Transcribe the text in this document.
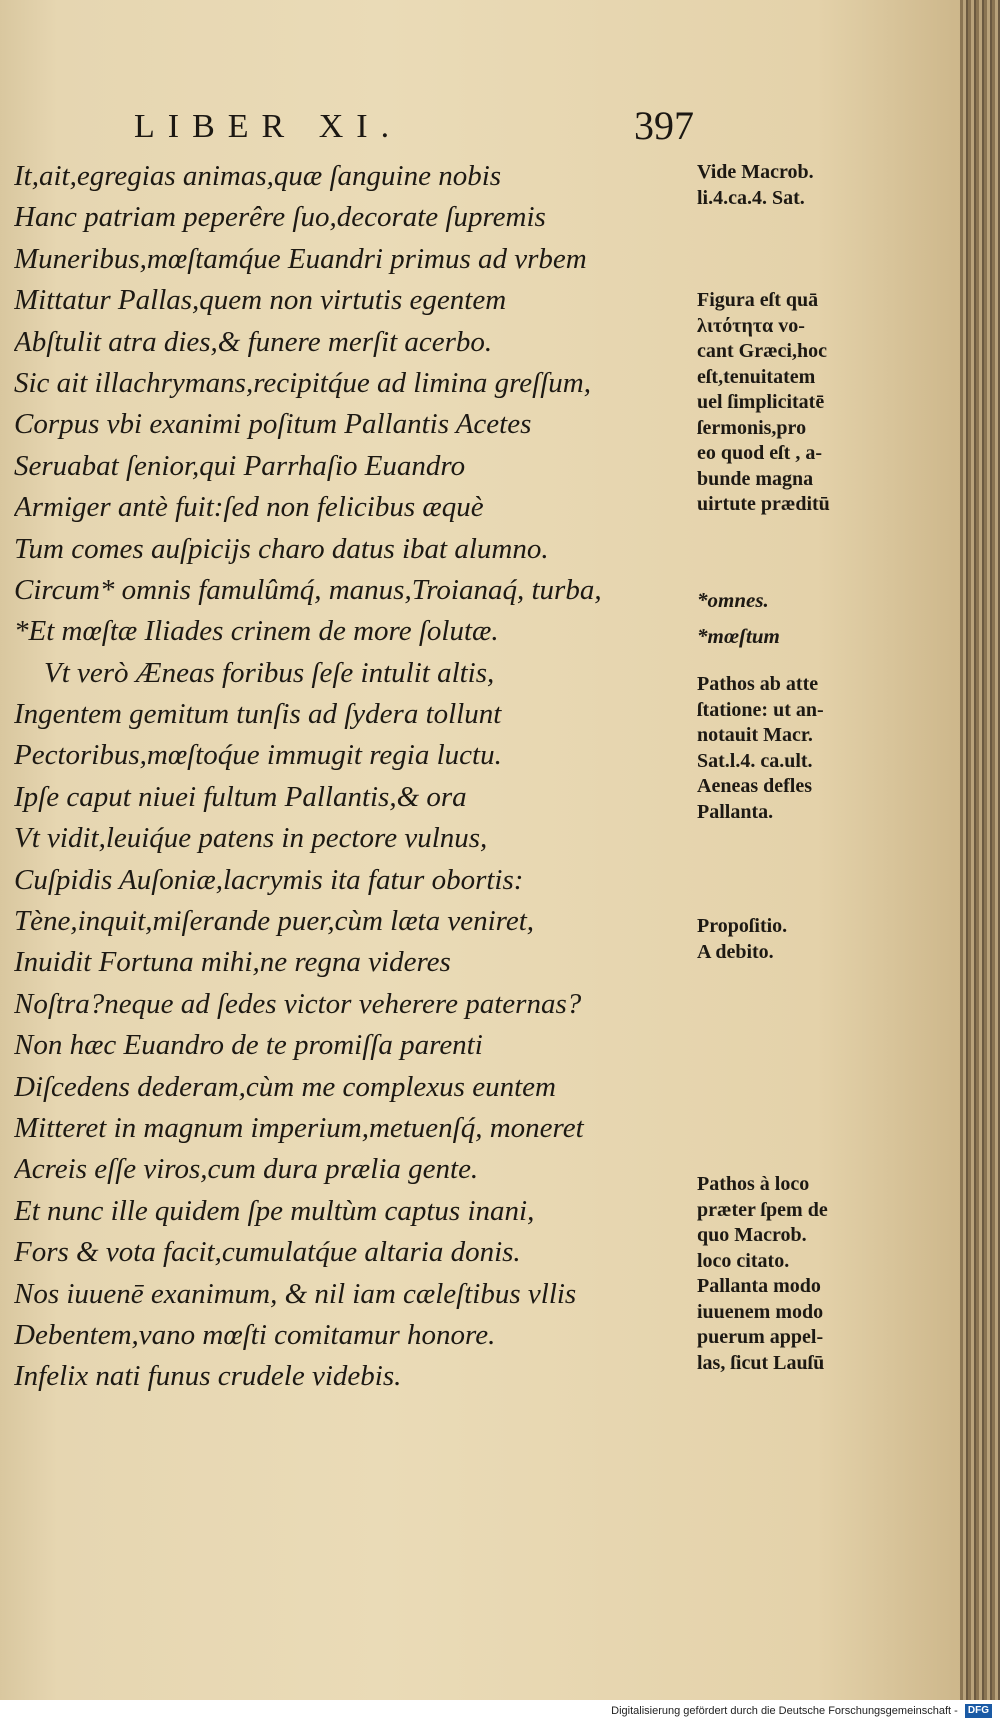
LIBER XI.	397
It,ait,egregias animas,quæ ſanguine nobis
Hanc patriam peperêre ſuo,decorate ſupremis
Muneribus,mœſtamq́ue Euandri primus ad vrbem
Mittatur Pallas,quem non virtutis egentem
Abſtulit atra dies,& funere merſit acerbo.
Sic ait illachrymans,recipitq́ue ad limina greſſum,
Corpus vbi exanimi poſitum Pallantis Acetes
Seruabat ſenior,qui Parrhaſio Euandro
Armiger antè fuit:ſed non felicibus æquè
Tum comes auſpicijs charo datus ibat alumno.
Circum* omnis famulûmq́, manus,Troianaq́, turba,
*Et mœſtæ Iliades crinem de more ſolutæ.
Vt verò Æneas foribus ſeſe intulit altis,
Ingentem gemitum tunſis ad ſydera tollunt
Pectoribus,mœſtoq́ue immugit regia luctu.
Ipſe caput niuei fultum Pallantis,& ora
Vt vidit,leuiq́ue patens in pectore vulnus,
Cuſpidis Auſoniæ,lacrymis ita fatur obortis:
Tène,inquit,miſerande puer,cùm læta veniret,
Inuidit Fortuna mihi,ne regna videres
Noſtra?neque ad ſedes victor veherere paternas?
Non hæc Euandro de te promiſſa parenti
Diſcedens dederam,cùm me complexus euntem
Mitteret in magnum imperium,metuenſq́, moneret
Acreis eſſe viros,cum dura prælia gente.
Et nunc ille quidem ſpe multùm captus inani,
Fors & vota facit,cumulatq́ue altaria donis.
Nos iuuenē exanimum, & nil iam cæleſtibus vllis
Debentem,vano mœſti comitamur honore.
Infelix nati funus crudele videbis.

Vide Macrob.
li.4.ca.4. Sat.

Figura eſt quā
λιτότητα vo-
cant Græci,hoc
eſt,tenuitatem
uel ſimplicitatē
ſermonis,pro
eo quod eſt , a-
bunde magna
uirtute præditū

*omnes.

*mœſtum

Pathos ab atte
ſtatione: ut an-
notauit Macr.
Sat.l.4. ca.ult.
Aeneas defles
Pallanta.

Propoſitio.
A debito.

Pathos à loco
præter ſpem de
quo Macrob.
loco citato.
Pallanta modo
iuuenem modo
puerum appel-
las, ſicut Lauſū

Digitalisierung gefördert durch die Deutsche Forschungsgemeinschaft - DFG
